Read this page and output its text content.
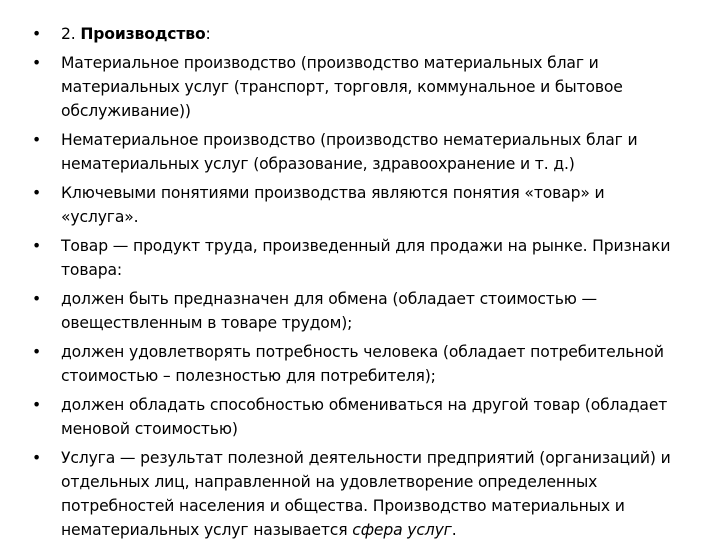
• 2. Производство:
• Материальное производство (производство материальных благ и материальных услуг (транспорт, торговля, коммунальное и бытовое обслуживание))
• Нематериальное производство (производство нематериальных благ и нематериальных услуг (образование, здравоохранение и т. д.)
• Ключевыми понятиями производства являются понятия «товар» и «услуга».
• Товар — продукт труда, произведенный для продажи на рынке. Признаки товара:
• должен быть предназначен для обмена (обладает стоимостью — овеществленным в товаре трудом);
• должен удовлетворять потребность человека (обладает потребительной стоимостью – полезностью для потребителя);
• должен обладать способностью обмениваться на другой товар (обладает меновой стоимостью)
• Услуга — результат полезной деятельности предприятий (организаций) и отдельных лиц, направленной на удовлетворение определенных потребностей населения и общества. Производство материальных и нематериальных услуг называется сфера услуг.
